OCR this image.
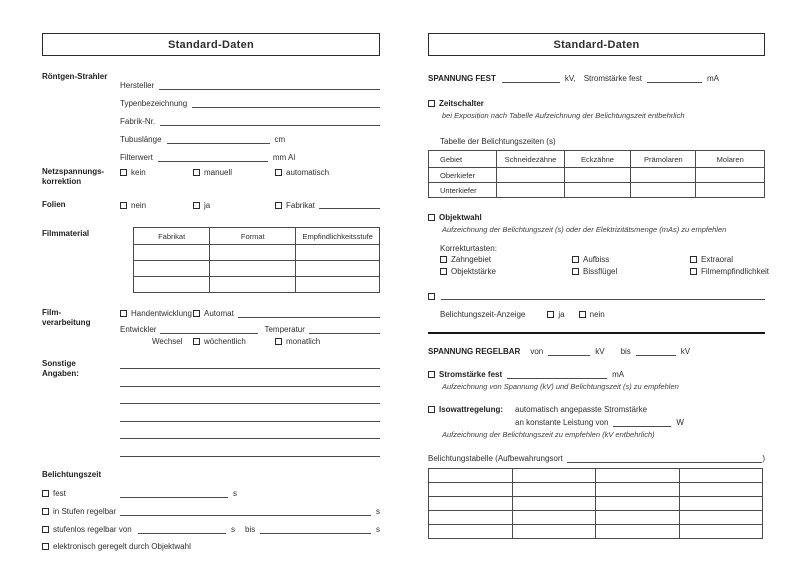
Standard-Daten
Röntgen-Strahler
Hersteller
Typenbezeichnung
Fabrik-Nr.
Tubuslänge	cm
Filterwert	mm Al
Netzspannungs-
korrektion
kein	manuell	automatisch
Folien	nein	ja	Fabrikat
Filmmaterial	Fabrikat	Format	Empfindlichkeitsstufe

Film-
verarbeitung
Handentwicklung Automat
Entwickler	Temperatur
Wechsel	wöchentlich	monatlich
Sonstige
Angaben:
Belichtungszeit
fest	s
in Stufen regelbar	s
stufenlos regelbar von	s bis	s
elektronisch geregelt durch Objektwahl
Standard-Daten
SPANNUNG FEST	kV, Stromstärke fest	mA
Zeitschalter
bei Exposition nach Tabelle Aufzeichnung der Belichtungszeit entbehrlich
Tabelle der Belichtungszeiten (s)
Gebiet	Schneidezähne	Eckzähne	Prämolaren	Molaren
Oberkiefer				
Unterkiefer				
Objektwahl
Aufzeichnung der Belichtungszeit (s) oder der Elektrizitätsmenge (mAs) zu empfehlen
Korrekturtasten:
Zahngebiet	Aufbiss	Extraoral
Objektstärke	Bissflügel	Filmempfindlichkeit
Belichtungszeit-Anzeige	ja	nein
SPANNUNG REGELBAR von	kV bis	kV
Stromstärke fest	mA
Aufzeichnung von Spannung (kV) und Belichtungszeit (s) zu empfehlen
Isowattregelung: automatisch angepasste Stromstärke
an konstante Leistung von	W
Aufzeichnung der Belichtungszeit zu empfehlen (kV entbehrlich)
Belichtungstabelle (Aufbewahrungsort	)
